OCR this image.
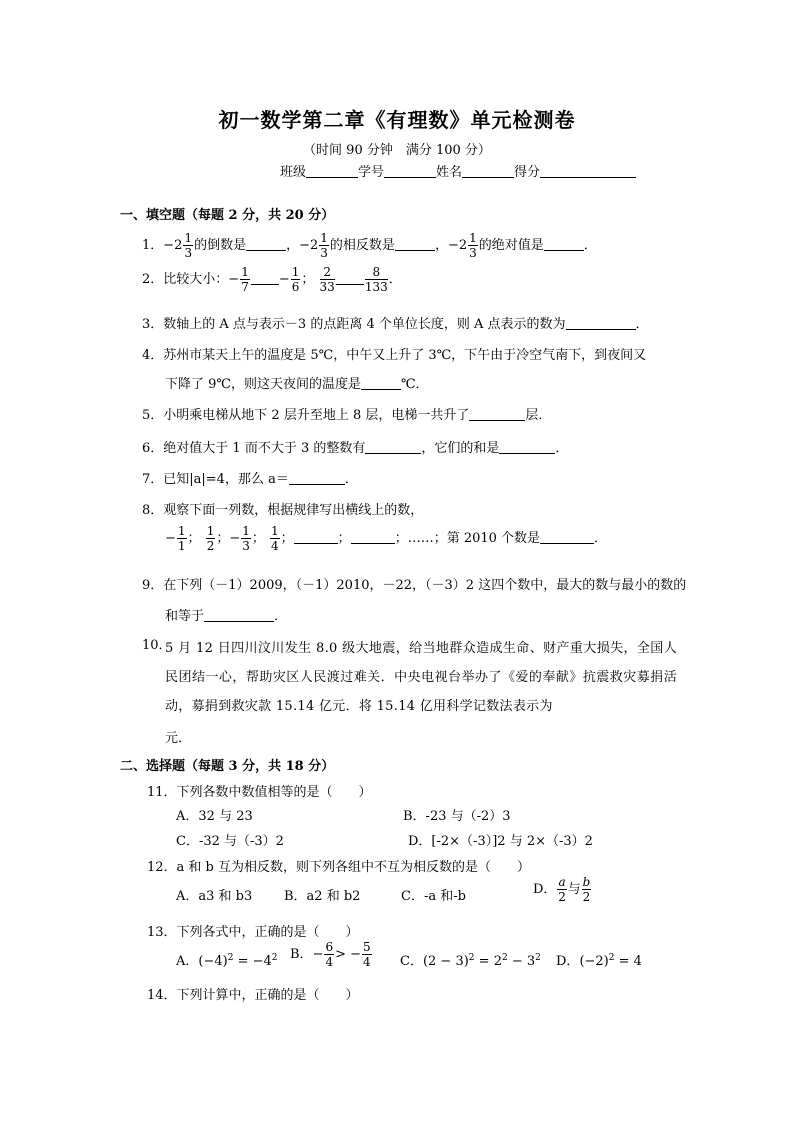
初一数学第二章《有理数》单元检测卷
（时间 90 分钟　满分 100 分）
班级	学号	姓名	得分
一、填空题（每题 2 分，共 20 分）
1．$-2 \frac{1}{3}$ 的倒数是	，$-2 \frac{1}{3}$ 的相反数是	，$-2 \frac{1}{3}$ 的绝对值是	．
2．比较大小：− $\frac{1}{7} - \frac{1}{6}$ ； $\frac{2}{33}$	$\frac{8}{133}$ ．
3．数轴上的 A 点与表示－3 的点距离 4 个单位长度，则 A 点表示的数为	．
4．苏州市某天上午的温度是 5℃，中午又上升了 3℃，下午由于冷空气南下，到夜间又
下降了 9℃，则这天夜间的温度是	℃．
5．小明乘电梯从地下 2 层升至地上 8 层，电梯一共升了	层．
6．绝对值大于 1 而不大于 3 的整数有	，它们的和是	．
7．已知|a|=4，那么 a＝	．
8．观察下面一列数，根据规律写出横线上的数，
− $\frac{1}{1}$ ； $\frac{1}{2}$ ；− $\frac{1}{3}$ ； $\frac{1}{4}$ ；	；	；……；第 2010 个数是	．
9．在下列（－1）2009，（－1）2010，－22，（－3）2 这四个数中，最大的数与最小的数的
和等于	．
10．
5 月 12 日四川汶川发生 8.0 级大地震，给当地群众造成生命、财产重大损失，全国人民团结一心，帮助灾区人民渡过难关．中央电视台举办了《爱的奉献》抗震救灾募捐活动，募捐到救灾款 15.14 亿元．将 15.14 亿用科学记数法表示为
元．
二、选择题（每题 3 分，共 18 分）
11．下列各数中数值相等的是（　　）
A．32 与 23	B．-23 与（-2）3
C．-32 与（-3）2	D．[-2×（-3）]2 与 2×（-3）2
12．a 和 b 互为相反数，则下列各组中不互为相反数的是（　　）
A．a3 和 b3 B．a2 和 b2	C．-a 和-b	D． $\frac{a}{2}$ 与 $\frac{b}{2}$
13．下列各式中，正确的是（　　）
A．$(-4)^2 = -4^2$ B．− $\frac{6}{4}$ > − $\frac{5}{4}$ C．$(2 - 3)^2 = 2^2 - 3^2$ D．$(-2)^2 = 4$
14．下列计算中，正确的是（　　）
